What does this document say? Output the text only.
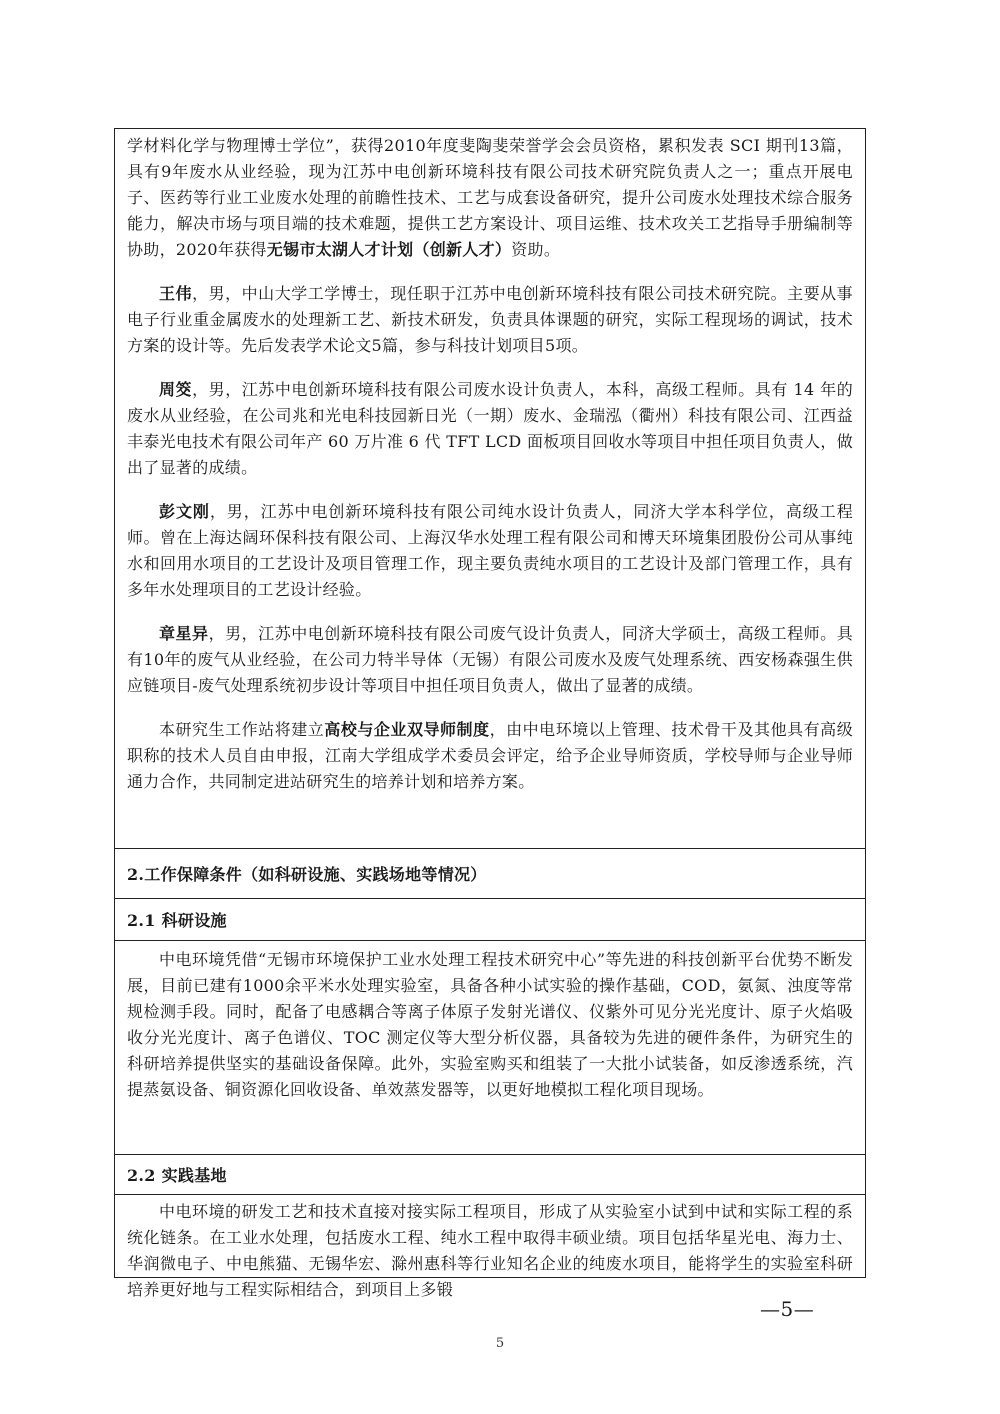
学材料化学与物理博士学位”，获得2010年度斐陶斐荣誉学会会员资格，累积发表 SCI 期刊13篇，具有9年废水从业经验，现为江苏中电创新环境科技有限公司技术研究院负责人之一；重点开展电子、医药等行业工业废水处理的前瞻性技术、工艺与成套设备研究，提升公司废水处理技术综合服务能力，解决市场与项目端的技术难题，提供工艺方案设计、项目运维、技术攻关工艺指导手册编制等协助，2020年获得无锡市太湖人才计划（创新人才）资助。

王伟，男，中山大学工学博士，现任职于江苏中电创新环境科技有限公司技术研究院。主要从事电子行业重金属废水的处理新工艺、新技术研发，负责具体课题的研究，实际工程现场的调试，技术方案的设计等。先后发表学术论文5篇，参与科技计划项目5项。

周筊，男，江苏中电创新环境科技有限公司废水设计负责人，本科，高级工程师。具有 14 年的废水从业经验，在公司兆和光电科技园新日光（一期）废水、金瑞泓（衢州）科技有限公司、江西益丰泰光电技术有限公司年产 60 万片准 6 代 TFT LCD 面板项目回收水等项目中担任项目负责人，做出了显著的成绩。

彭文刚，男，江苏中电创新环境科技有限公司纯水设计负责人，同济大学本科学位，高级工程师。曾在上海达阔环保科技有限公司、上海汉华水处理工程有限公司和博天环境集团股份公司从事纯水和回用水项目的工艺设计及项目管理工作，现主要负责纯水项目的工艺设计及部门管理工作，具有多年水处理项目的工艺设计经验。

章星异，男，江苏中电创新环境科技有限公司废气设计负责人，同济大学硕士，高级工程师。具有10年的废气从业经验，在公司力特半导体（无锡）有限公司废水及废气处理系统、西安杨森强生供应链项目-废气处理系统初步设计等项目中担任项目负责人，做出了显著的成绩。

本研究生工作站将建立高校与企业双导师制度，由中电环境以上管理、技术骨干及其他具有高级职称的技术人员自由申报，江南大学组成学术委员会评定，给予企业导师资质，学校导师与企业导师通力合作，共同制定进站研究生的培养计划和培养方案。

2.工作保障条件（如科研设施、实践场地等情况）
2.1 科研设施

中电环境凭借“无锡市环境保护工业水处理工程技术研究中心”等先进的科技创新平台优势不断发展，目前已建有1000余平米水处理实验室，具备各种小试实验的操作基础，COD，氨氮、浊度等常规检测手段。同时，配备了电感耦合等离子体原子发射光谱仪、仪紫外可见分光光度计、原子火焰吸收分光光度计、离子色谱仪、TOC 测定仪等大型分析仪器，具备较为先进的硬件条件，为研究生的科研培养提供坚实的基础设备保障。此外，实验室购买和组装了一大批小试装备，如反渗透系统，汽提蒸氨设备、铜资源化回收设备、单效蒸发器等，以更好地模拟工程化项目现场。

2.2 实践基地

中电环境的研发工艺和技术直接对接实际工程项目，形成了从实验室小试到中试和实际工程的系统化链条。在工业水处理，包括废水工程、纯水工程中取得丰硕业绩。项目包括华星光电、海力士、华润微电子、中电熊猫、无锡华宏、滁州惠科等行业知名企业的纯废水项目，能将学生的实验室科研培养更好地与工程实际相结合，到项目上多锻

—5—
5
